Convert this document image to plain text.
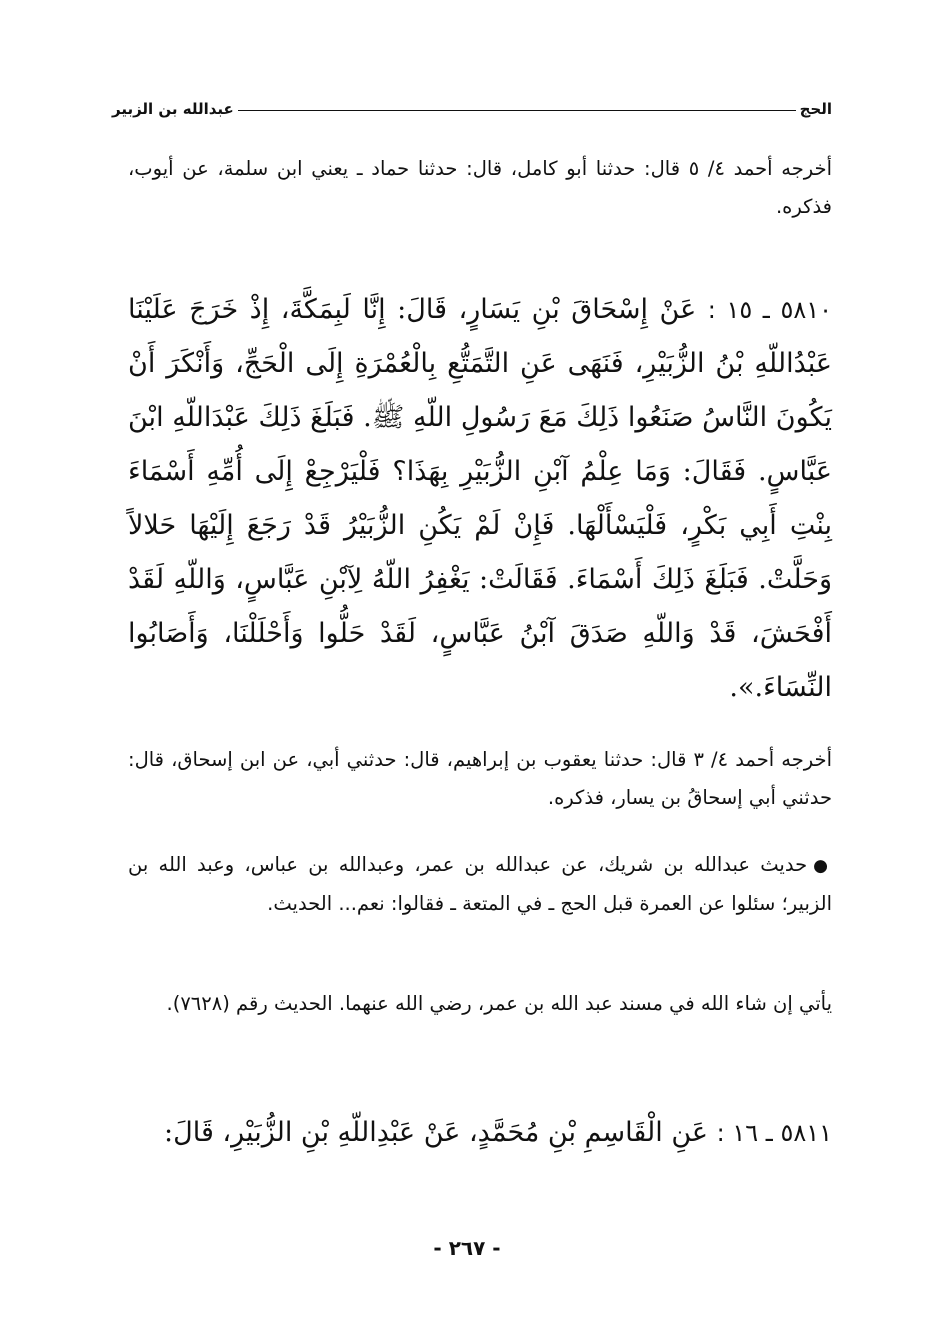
الحج
عبدالله بن الزبير

أخرجه أحمد ٤/ ٥ قال: حدثنا أبو كامل، قال: حدثنا حماد ـ يعني ابن سلمة، عن أيوب، فذكره.

٥٨١٠ ـ ١٥ : عَنْ إِسْحَاقَ بْنِ يَسَارٍ، قَالَ: إِنَّا لَبِمَكَّةَ، إِذْ خَرَجَ عَلَيْنَا عَبْدُاللّهِ بْنُ الزُّبَيْرِ، فَنَهَى عَنِ التَّمَتُّعِ بِالْعُمْرَةِ إِلَى الْحَجِّ، وَأَنْكَرَ أَنْ يَكُونَ النَّاسُ صَنَعُوا ذَلِكَ مَعَ رَسُولِ اللّهِ ﷺ. فَبَلَغَ ذَلِكَ عَبْدَاللّهِ ابْنَ عَبَّاسٍ. فَقَالَ: وَمَا عِلْمُ آبْنِ الزُّبَيْرِ بِهَذَا؟ فَلْيَرْجِعْ إِلَى أُمِّهِ أَسْمَاءَ بِنْتِ أَبِي بَكْرٍ، فَلْيَسْأَلْهَا. فَإِنْ لَمْ يَكُنِ الزُّبَيْرُ قَدْ رَجَعَ إِلَيْهَا حَلالاً وَحَلَّتْ. فَبَلَغَ ذَلِكَ أَسْمَاءَ. فَقَالَتْ: يَغْفِرُ اللّهُ لِآبْنِ عَبَّاسٍ، وَاللّهِ لَقَدْ أَفْحَشَ، قَدْ وَاللّهِ صَدَقَ آبْنُ عَبَّاسٍ، لَقَدْ حَلُّوا وَأَحْلَلْنَا، وَأَصَابُوا النِّسَاءَ.».

أخرجه أحمد ٤/ ٣ قال: حدثنا يعقوب بن إبراهيم، قال: حدثني أبي، عن ابن إسحاق، قال: حدثني أبي إسحاقُ بن يسار، فذكره.

●حديث عبدالله بن شريك، عن عبدالله بن عمر، وعبدالله بن عباس، وعبد الله بن الزبير؛ سئلوا عن العمرة قبل الحج ـ في المتعة ـ فقالوا: نعم... الحديث.

يأتي إن شاء الله في مسند عبد الله بن عمر، رضي الله عنهما. الحديث رقم (٧٦٢٨).

٥٨١١ ـ ١٦ : عَنِ الْقَاسِمِ بْنِ مُحَمَّدٍ، عَنْ عَبْدِاللّهِ بْنِ الزُّبَيْرِ، قَالَ:

- ٢٦٧ -
